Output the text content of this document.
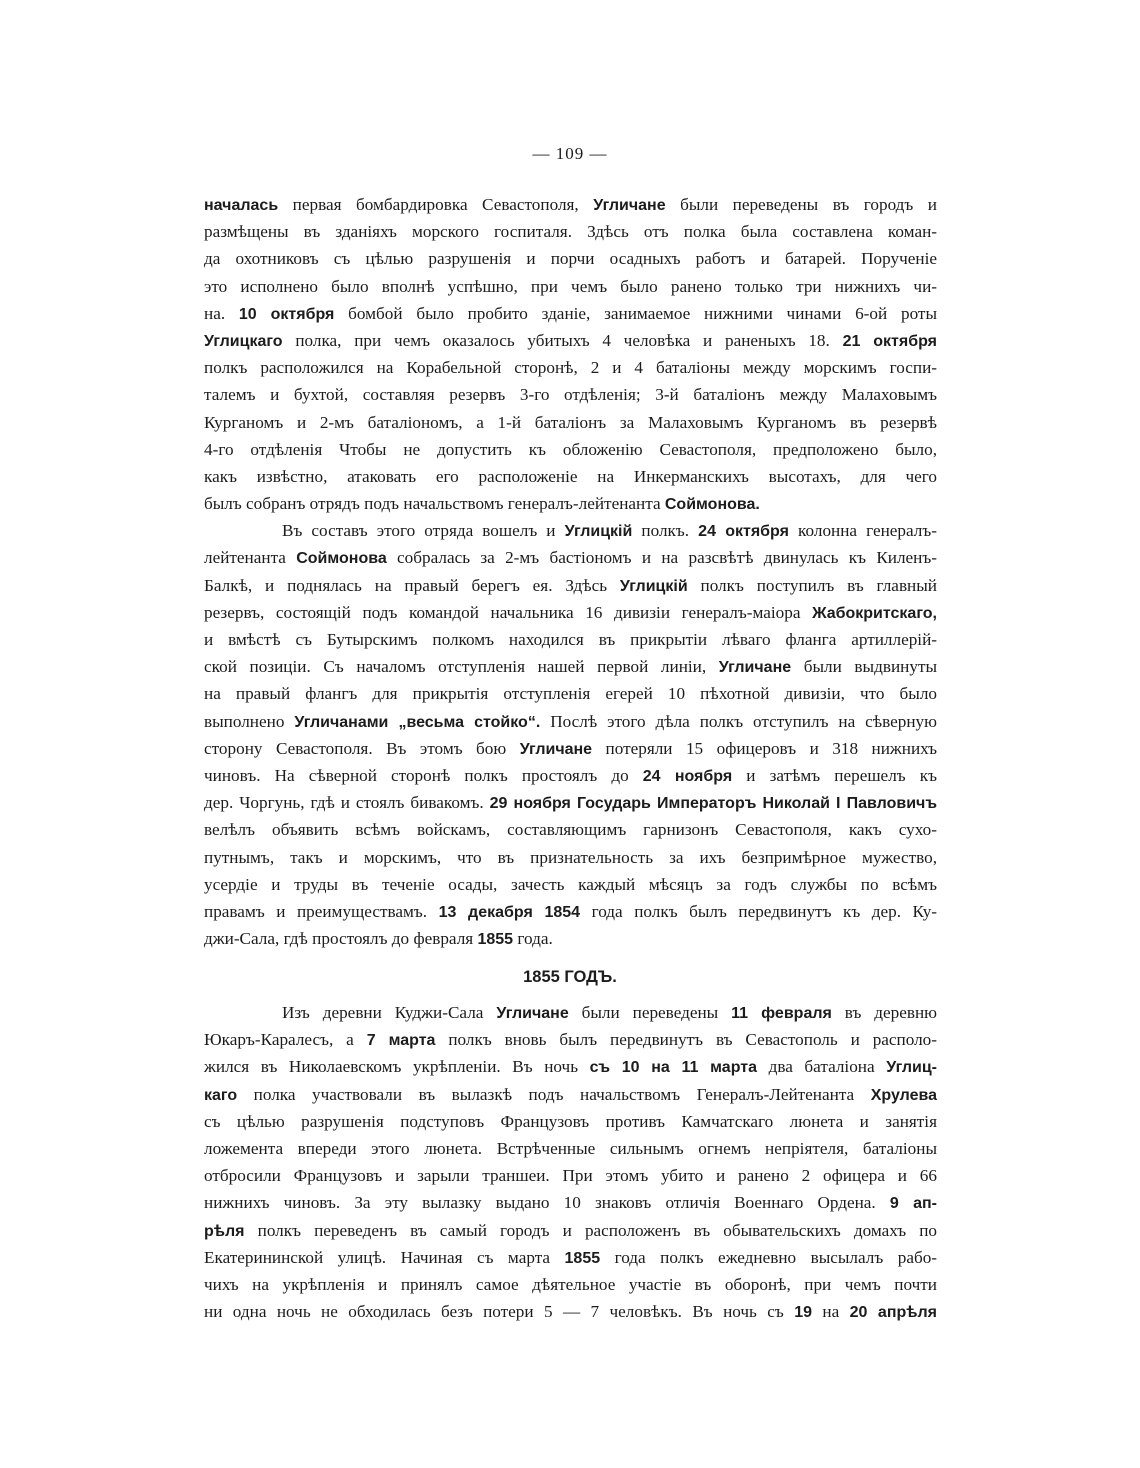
— 109 —
началась первая бомбардировка Севастополя, Угличане были переведены въ городъ и
размѣщены въ зданіяхъ морского госпиталя. Здѣсь отъ полка была составлена коман-
да охотниковъ съ цѣлью разрушенія и порчи осадныхъ работъ и батарей. Порученіе
это исполнено было вполнѣ успѣшно, при чемъ было ранено только три нижнихъ чи-
на. 10 октября бомбой было пробито зданіе, занимаемое нижними чинами 6-ой роты
Углицкаго полка, при чемъ оказалось убитыхъ 4 человѣка и раненыхъ 18. 21 октября
полкъ расположился на Корабельной сторонѣ, 2 и 4 баталіоны между морскимъ госпи-
талемъ и бухтой, составляя резервъ 3-го отдѣленія; 3-й баталіонъ между Малаховымъ
Курганомъ и 2-мъ баталіономъ, а 1-й баталіонъ за Малаховымъ Курганомъ въ резервѣ
4-го отдѣленія Чтобы не допустить къ обложенію Севастополя, предположено было,
какъ извѣстно, атаковать его расположеніе на Инкерманскихъ высотахъ, для чего
былъ собранъ отрядъ подъ начальствомъ генералъ-лейтенанта Соймонова.
Въ составъ этого отряда вошелъ и Углицкій полкъ. 24 октября колонна генералъ-
лейтенанта Соймонова собралась за 2-мъ бастіономъ и на разсвѣтѣ двинулась къ Киленъ-
Балкѣ, и поднялась на правый берегъ ея. Здѣсь Углицкій полкъ поступилъ въ главный
резервъ, состоящій подъ командой начальника 16 дивизіи генералъ-маіора Жабокритскаго,
и вмѣстѣ съ Бутырскимъ полкомъ находился въ прикрытіи лѣваго фланга артиллерій-
ской позиціи. Съ началомъ отступленія нашей первой линіи, Угличане были выдвинуты
на правый флангъ для прикрытія отступленія егерей 10 пѣхотной дивизіи, что было
выполнено Угличанами „весьма стойко“. Послѣ этого дѣла полкъ отступилъ на сѣверную
сторону Севастополя. Въ этомъ бою Угличане потеряли 15 офицеровъ и 318 нижнихъ
чиновъ. На сѣверной сторонѣ полкъ простоялъ до 24 ноября и затѣмъ перешелъ къ
дер. Чоргунь, гдѣ и стоялъ бивакомъ. 29 ноября Государь Императоръ Николай I Павловичъ
велѣлъ объявить всѣмъ войскамъ, составляющимъ гарнизонъ Севастополя, какъ сухо-
путнымъ, такъ и морскимъ, что въ признательность за ихъ безпримѣрное мужество,
усердіе и труды въ теченіе осады, зачесть каждый мѣсяцъ за годъ службы по всѣмъ
правамъ и преимуществамъ. 13 декабря 1854 года полкъ былъ передвинутъ къ дер. Ку-
джи-Сала, гдѣ простоялъ до февраля 1855 года.
1855 ГОДЪ.
Изъ деревни Куджи-Сала Угличане были переведены 11 февраля въ деревню
Юкаръ-Каралесъ, а 7 марта полкъ вновь былъ передвинутъ въ Севастополь и располо-
жился въ Николаевскомъ укрѣпленіи. Въ ночь съ 10 на 11 марта два баталіона Углиц-
каго полка участвовали въ вылазкѣ подъ начальствомъ Генералъ-Лейтенанта Хрулева
съ цѣлью разрушенія подступовъ Французовъ противъ Камчатскаго люнета и занятія
ложемента впереди этого люнета. Встрѣченные сильнымъ огнемъ непріятеля, баталіоны
отбросили Французовъ и зарыли траншеи. При этомъ убито и ранено 2 офицера и 66
нижнихъ чиновъ. За эту вылазку выдано 10 знаковъ отличія Военнаго Ордена. 9 ап-
рѣля полкъ переведенъ въ самый городъ и расположенъ въ обывательскихъ домахъ по
Екатерининской улицѣ. Начиная съ марта 1855 года полкъ ежедневно высылалъ рабо-
чихъ на укрѣпленія и принялъ самое дѣятельное участіе въ оборонѣ, при чемъ почти
ни одна ночь не обходилась безъ потери 5 — 7 человѣкъ. Въ ночь съ 19 на 20 апрѣля
